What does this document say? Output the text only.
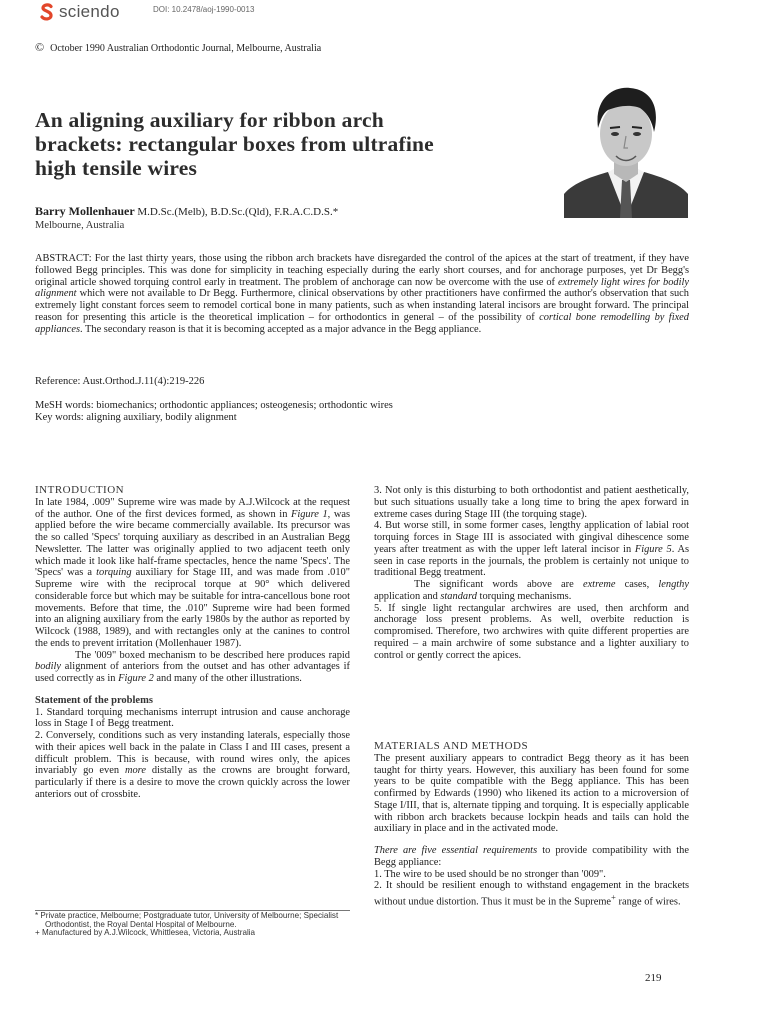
sciendo	DOI: 10.2478/aoj-1990-0013
© October 1990 Australian Orthodontic Journal, Melbourne, Australia
An aligning auxiliary for ribbon arch brackets: rectangular boxes from ultrafine high tensile wires
Barry Mollenhauer M.D.Sc.(Melb), B.D.Sc.(Qld), F.R.A.C.D.S.*
Melbourne, Australia

ABSTRACT: For the last thirty years, those using the ribbon arch brackets have disregarded the control of the apices at the start of treatment, if they have followed Begg principles. This was done for simplicity in teaching especially during the early short courses, and for anchorage purposes, yet Dr Begg's original article showed torquing control early in treatment. The problem of anchorage can now be overcome with the use of extremely light wires for bodily alignment which were not available to Dr Begg. Furthermore, clinical observations by other practitioners have confirmed the author's observation that such extremely light constant forces seem to remodel cortical bone in many patients, such as when instanding lateral incisors are brought forward. The principal reason for presenting this article is the theoretical implication – for orthodontics in general – of the possibility of cortical bone remodelling by fixed appliances. The secondary reason is that it is becoming accepted as a major advance in the Begg appliance.

Reference: Aust.Orthod.J.11(4):219-226
MeSH words: biomechanics; orthodontic appliances; osteogenesis; orthodontic wires
Key words: aligning auxiliary, bodily alignment
INTRODUCTION

In late 1984, .009" Supreme wire was made by A.J.Wilcock at the request of the author. One of the first devices formed, as shown in Figure 1, was applied before the wire became commercially available. Its precursor was the so called 'Specs' torquing auxiliary as described in an Australian Begg Newsletter. The latter was originally applied to two adjacent teeth only which made it look like half-frame spectacles, hence the name 'Specs'. The 'Specs' was a torquing auxiliary for Stage III, and was made from .010" Supreme wire with the reciprocal torque at 90° which delivered considerable force but which may be suitable for intra-cancellous bone root movements. Before that time, the .010" Supreme wire had been formed into an aligning auxiliary from the early 1980s by the author as reported by Wilcock (1988, 1989), and with rectangles only at the canines to control the ends to prevent irritation (Mollenhauer 1987).

The '009" boxed mechanism to be described here produces rapid bodily alignment of anteriors from the outset and has other advantages if used correctly as in Figure 2 and many of the other illustrations.

Statement of the problems

1. Standard torquing mechanisms interrupt intrusion and cause anchorage loss in Stage I of Begg treatment.

2. Conversely, conditions such as very instanding laterals, especially those with their apices well back in the palate in Class I and III cases, present a difficult problem. This is because, with round wires only, the apices invariably go even more distally as the crowns are brought forward, particularly if there is a desire to move the crown quickly across the lower anteriors out of crossbite.

* Private practice, Melbourne; Postgraduate tutor, University of Melbourne; Specialist Orthodontist, the Royal Dental Hospital of Melbourne.

+ Manufactured by A.J.Wilcock, Whittlesea, Victoria, Australia

3. Not only is this disturbing to both orthodontist and patient aesthetically, but such situations usually take a long time to bring the apex forward in extreme cases during Stage III (the torquing stage).

4. But worse still, in some former cases, lengthy application of labial root torquing forces in Stage III is associated with gingival dihescence some years after treatment as with the upper left lateral incisor in Figure 5. As seen in case reports in the journals, the problem is certainly not unique to traditional Begg treatment.

The significant words above are extreme cases, lengthy application and standard torquing mechanisms.

5. If single light rectangular archwires are used, then archform and anchorage loss present problems. As well, overbite reduction is compromised. Therefore, two archwires with quite different properties are required – a main archwire of some substance and a lighter auxiliary to control or gently correct the apices.

MATERIALS AND METHODS

The present auxiliary appears to contradict Begg theory as it has been taught for thirty years. However, this auxiliary has been found for some years to be quite compatible with the Begg appliance. This has been confirmed by Edwards (1990) who likened its action to a microversion of Stage I/III, that is, alternate tipping and torquing. It is especially applicable with ribbon arch brackets because lockpin heads and tails can hold the auxiliary in place and in the activated mode.

There are five essential requirements to provide compatibility with the Begg appliance:

1. The wire to be used should be no stronger than '009".

2. It should be resilient enough to withstand engagement in the brackets without undue distortion. Thus it must be in the Supreme+ range of wires.

219
